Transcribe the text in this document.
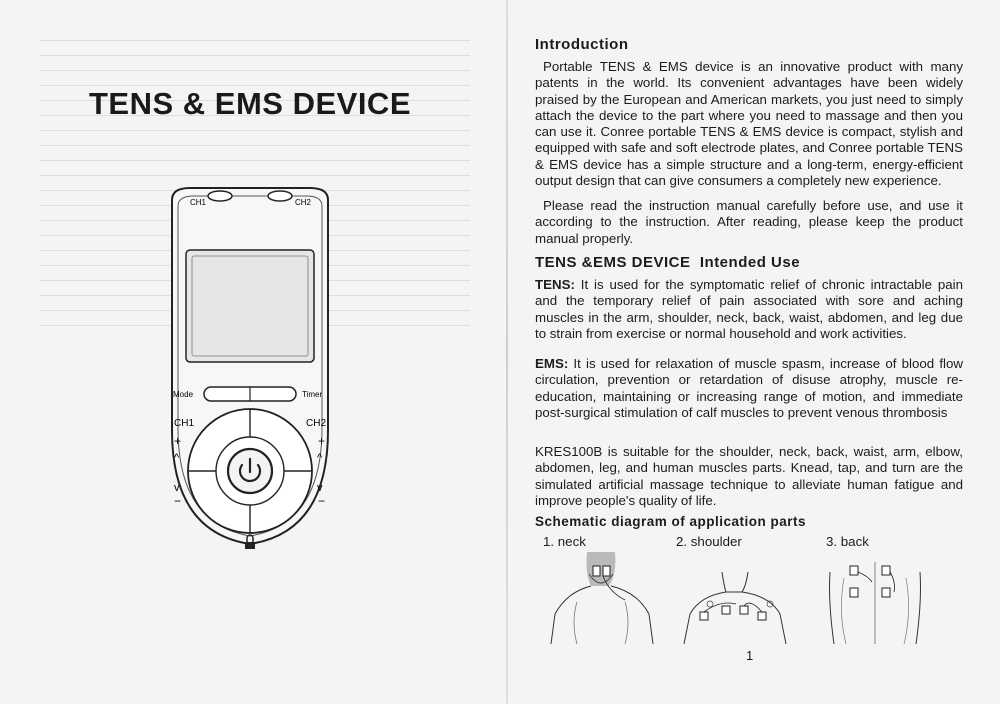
TENS & EMS DEVICE
CH1	CH2
Mode	Timer
CH1	CH2
+	+
^	^
v	v
−	−
Introduction

Portable TENS & EMS device is an innovative product with many patents in the world. Its convenient advantages have been widely praised by the European and American markets, you just need to simply attach the device to the part where you need to massage and then you can use it. Conree portable TENS & EMS device is compact, stylish and equipped with safe and soft electrode plates, and Conree portable TENS & EMS device has a simple structure and a long-term, energy-efficient output design that can give consumers a completely new experience.

Please read the instruction manual carefully before use, and use it according to the instruction. After reading, please keep the product manual properly.

TENS &EMS DEVICE  Intended Use

TENS: It is used for the symptomatic relief of chronic intractable pain and the temporary relief of pain associated with sore and aching muscles in the arm, shoulder, neck, back, waist, abdomen, and leg due to strain from exercise or normal household and work activities.

EMS: It is used for relaxation of muscle spasm, increase of blood flow circulation, prevention or retardation of disuse atrophy, muscle re-education, maintaining or increasing range of motion, and immediate post-surgical stimulation of calf muscles to prevent venous thrombosis

KRES100B is suitable for the shoulder, neck, back, waist, arm, elbow, abdomen, leg, and human muscles parts. Knead, tap, and turn are the simulated artificial massage technique to alleviate human fatigue and improve people's quality of life.

Schematic diagram of application parts
1. neck	2. shoulder	3. back
1
